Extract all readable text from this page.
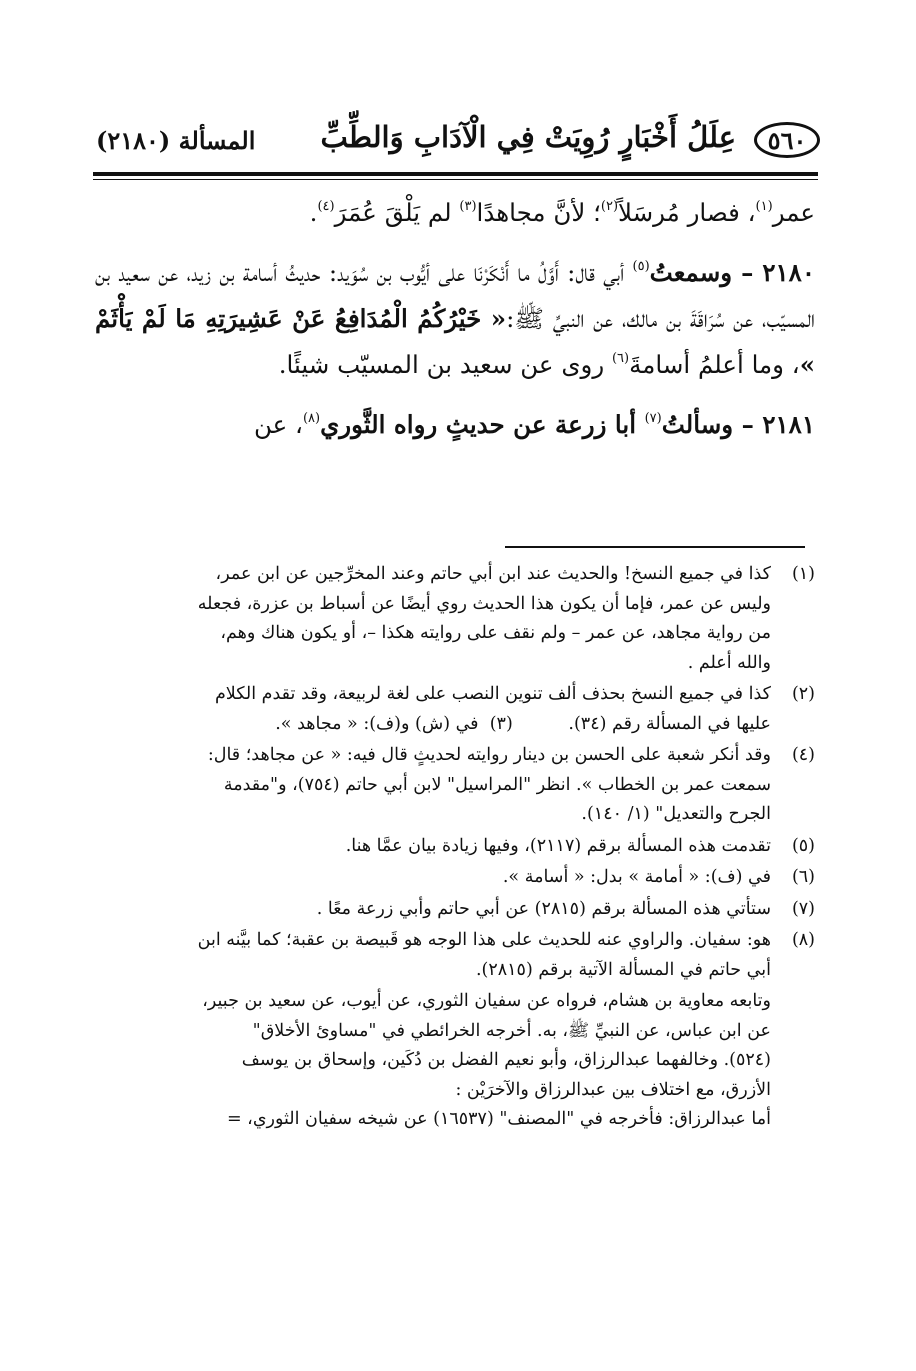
٥٦٠
عِلَلُ أَخْبَارٍ رُوِيَتْ فِي الْآدَابِ وَالطِّبِّ
المسألة (٢١٨٠)

عمر$^{(١)}$، فصار مُرسَلاً$^{(٢)}$؛ لأنَّ مجاهدًا$^{(٣)}$ لم يَلْقَ عُمَرَ$^{(٤)}$.

٢١٨٠ – وسمعتُ$^{(٥)}$ أبي قال: أَوَّلُ ما أَنْكَرْنَا على أيُّوب بن سُوَيد: حديثُ أسامة بن زيد، عن سعيد بن المسيّب، عن سُرَاقَةَ بن مالك، عن النبيِّ ﷺ:« خَيْرُكُمُ الْمُدَافِعُ عَنْ عَشِيرَتِهِ مَا لَمْ يَأْثَمْ »، وما أعلمُ أسامةَ$^{(٦)}$ روى عن سعيد بن المسيّب شيئًا.

٢١٨١ – وسألتُ$^{(٧)}$ أبا زرعة عن حديثٍ رواه الثَّوري$^{(٨)}$، عن

(١)
كذا في جميع النسخ! والحديث عند ابن أبي حاتم وعند المخرِّجين عن ابن عمر،
وليس عن عمر، فإما أن يكون هذا الحديث روي أيضًا عن أسباط بن عزرة، فجعله
من رواية مجاهد، عن عمر – ولم نقف على روايته هكذا –، أو يكون هناك وهم،
والله أعلم .
(٢)
كذا في جميع النسخ بحذف ألف تنوين النصب على لغة لربيعة، وقد تقدم الكلام
عليها في المسألة رقم (٣٤).          (٣)  في (ش) و(ف): « مجاهد ».
(٤)
وقد أنكر شعبة على الحسن بن دينار روايته لحديثٍ قال فيه: « عن مجاهد؛ قال:
سمعت عمر بن الخطاب ». انظر "المراسيل" لابن أبي حاتم (٧٥٤)، و"مقدمة
الجرح والتعديل" (١/ ١٤٠).
(٥)
تقدمت هذه المسألة برقم (٢١١٧)، وفيها زيادة بيان عمَّا هنا.
(٦)
في (ف): « أمامة » بدل: « أسامة ».
(٧)
ستأتي هذه المسألة برقم (٢٨١٥) عن أبي حاتم وأبي زرعة معًا .
(٨)
هو: سفيان. والراوي عنه للحديث على هذا الوجه هو قَبيصة بن عقبة؛ كما بيَّنه ابن
أبي حاتم في المسألة الآتية برقم (٢٨١٥).
وتابعه معاوية بن هشام، فرواه عن سفيان الثوري، عن أيوب، عن سعيد بن جبير،
عن ابن عباس، عن النبيِّ ﷺ، به. أخرجه الخرائطي في "مساوئ الأخلاق"
(٥٢٤). وخالفهما عبدالرزاق، وأبو نعيم الفضل بن دُكَين، وإسحاق بن يوسف
الأزرق، مع اختلاف بين عبدالرزاق والآخرَيْن :
أما عبدالرزاق: فأخرجه في "المصنف" (١٦٥٣٧) عن شيخه سفيان الثوري، =
